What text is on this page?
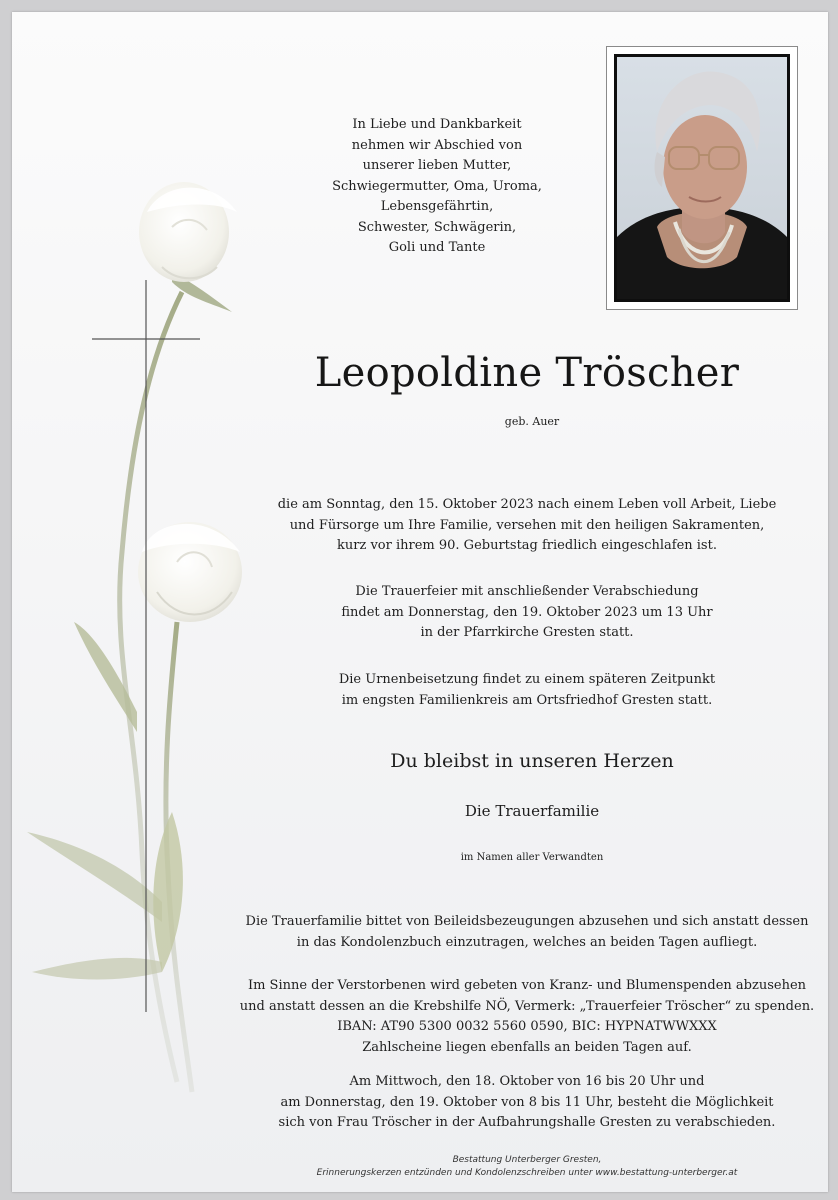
In Liebe und Dankbarkeit
nehmen wir Abschied von
unserer lieben Mutter,
Schwiegermutter, Oma, Uroma,
Lebensgefährtin,
Schwester, Schwägerin,
Goli und Tante
Leopoldine Tröscher
geb. Auer
die am Sonntag, den 15. Oktober 2023 nach einem Leben voll Arbeit, Liebe
und Fürsorge um Ihre Familie, versehen mit den heiligen Sakramenten,
kurz vor ihrem 90. Geburtstag friedlich eingeschlafen ist.
Die Trauerfeier mit anschließender Verabschiedung
findet am Donnerstag, den 19. Oktober 2023 um 13 Uhr
in der Pfarrkirche Gresten statt.
Die Urnenbeisetzung findet zu einem späteren Zeitpunkt
im engsten Familienkreis am Ortsfriedhof Gresten statt.
Du bleibst in unseren Herzen
Die Trauerfamilie
im Namen aller Verwandten
Die Trauerfamilie bittet von Beileidsbezeugungen abzusehen und sich anstatt dessen
in das Kondolenzbuch einzutragen, welches an beiden Tagen aufliegt.
Im Sinne der Verstorbenen wird gebeten von Kranz- und Blumenspenden abzusehen
und anstatt dessen an die Krebshilfe NÖ, Vermerk: „Trauerfeier Tröscher“ zu spenden.
IBAN: AT90 5300 0032 5560 0590, BIC: HYPNATWWXXX
Zahlscheine liegen ebenfalls an beiden Tagen auf.
Am Mittwoch, den 18. Oktober von 16 bis 20 Uhr und
am Donnerstag, den 19. Oktober von 8 bis 11 Uhr, besteht die Möglichkeit
sich von Frau Tröscher in der Aufbahrungshalle Gresten zu verabschieden.
Bestattung Unterberger Gresten,
Erinnerungskerzen entzünden und Kondolenzschreiben unter www.bestattung-unterberger.at
